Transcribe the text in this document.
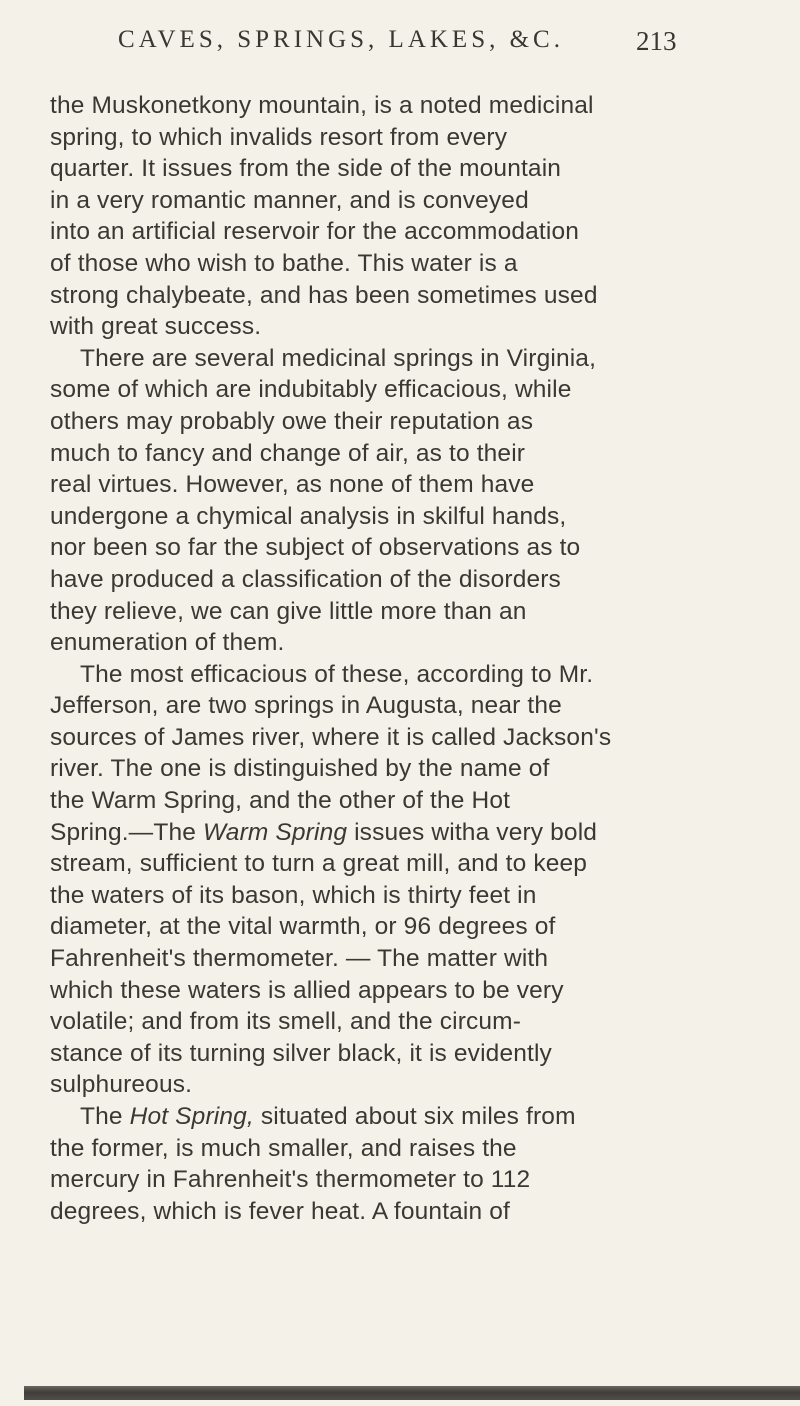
CAVES, SPRINGS, LAKES, &C.	213
the Muskonetkony mountain, is a noted medicinal
spring, to which invalids resort from every
quarter. It issues from the side of the mountain
in a very romantic manner, and is conveyed
into an artificial reservoir for the accommodation
of those who wish to bathe. This water is a
strong chalybeate, and has been sometimes used
with great success.
There are several medicinal springs in Virginia,
some of which are indubitably efficacious, while
others may probably owe their reputation as
much to fancy and change of air, as to their
real virtues. However, as none of them have
undergone a chymical analysis in skilful hands,
nor been so far the subject of observations as to
have produced a classification of the disorders
they relieve, we can give little more than an
enumeration of them.
The most efficacious of these, according to Mr.
Jefferson, are two springs in Augusta, near the
sources of James river, where it is called Jackson's
river. The one is distinguished by the name of
the Warm Spring, and the other of the Hot
Spring.—The Warm Spring issues witha very bold
stream, sufficient to turn a great mill, and to keep
the waters of its bason, which is thirty feet in
diameter, at the vital warmth, or 96 degrees of
Fahrenheit's thermometer. — The matter with
which these waters is allied appears to be very
volatile; and from its smell, and the circum-
stance of its turning silver black, it is evidently
sulphureous.
The Hot Spring, situated about six miles from
the former, is much smaller, and raises the
mercury in Fahrenheit's thermometer to 112
degrees, which is fever heat. A fountain of
